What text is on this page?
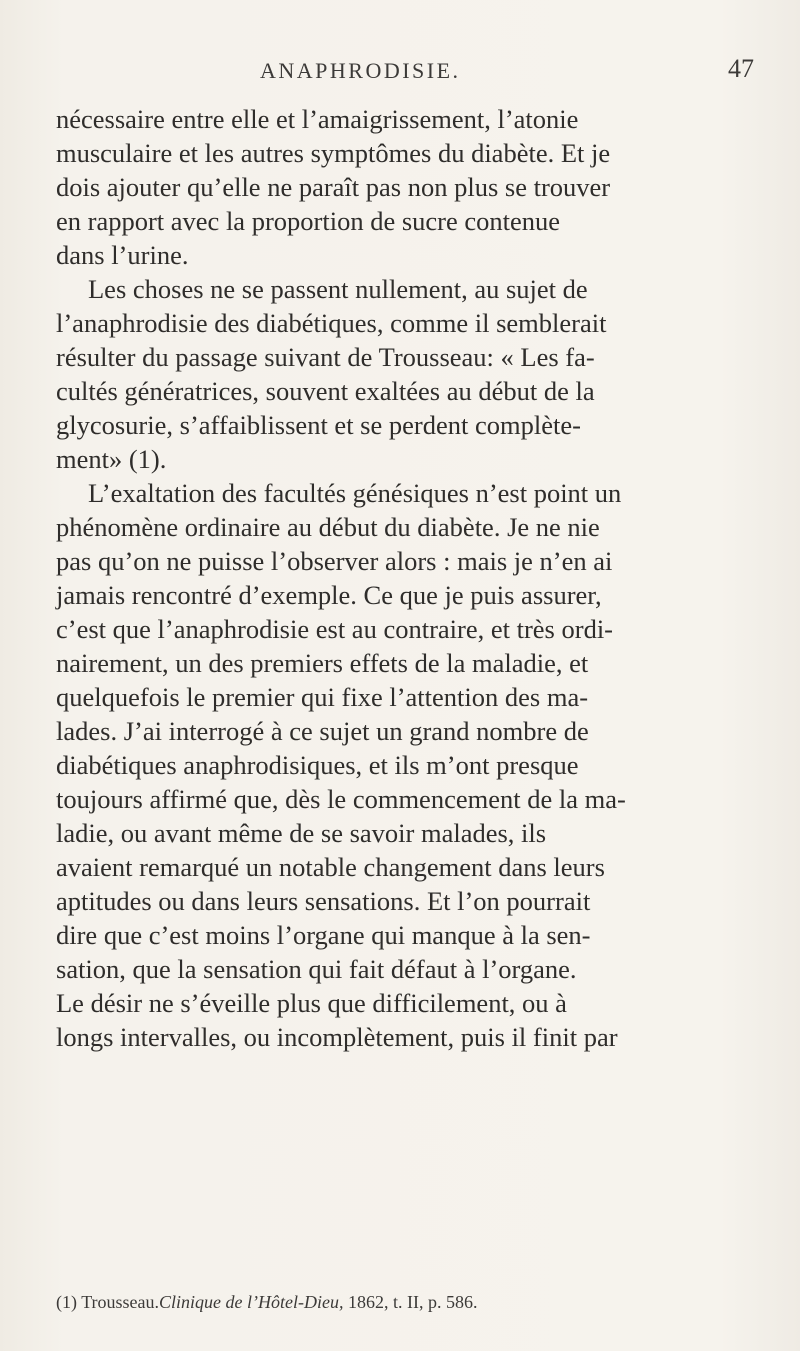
ANAPHRODISIE.	47
nécessaire entre elle et l’amaigrissement, l’atonie
musculaire et les autres symptômes du diabète. Et je
dois ajouter qu’elle ne paraît pas non plus se trouver
en rapport avec la proportion de sucre contenue
dans l’urine.
Les choses ne se passent nullement, au sujet de
l’anaphrodisie des diabétiques, comme il semblerait
résulter du passage suivant de Trousseau: « Les fa-
cultés génératrices, souvent exaltées au début de la
glycosurie, s’affaiblissent et se perdent complète-
ment» (1).
L’exaltation des facultés génésiques n’est point un
phénomène ordinaire au début du diabète. Je ne nie
pas qu’on ne puisse l’observer alors : mais je n’en ai
jamais rencontré d’exemple. Ce que je puis assurer,
c’est que l’anaphrodisie est au contraire, et très ordi-
nairement, un des premiers effets de la maladie, et
quelquefois le premier qui fixe l’attention des ma-
lades. J’ai interrogé à ce sujet un grand nombre de
diabétiques anaphrodisiques, et ils m’ont presque
toujours affirmé que, dès le commencement de la ma-
ladie, ou avant même de se savoir malades, ils
avaient remarqué un notable changement dans leurs
aptitudes ou dans leurs sensations. Et l’on pourrait
dire que c’est moins l’organe qui manque à la sen-
sation, que la sensation qui fait défaut à l’organe.
Le désir ne s’éveille plus que difficilement, ou à
longs intervalles, ou incomplètement, puis il finit par
(1) Trousseau.Clinique de l’Hôtel-Dieu, 1862, t. II, p. 586.
